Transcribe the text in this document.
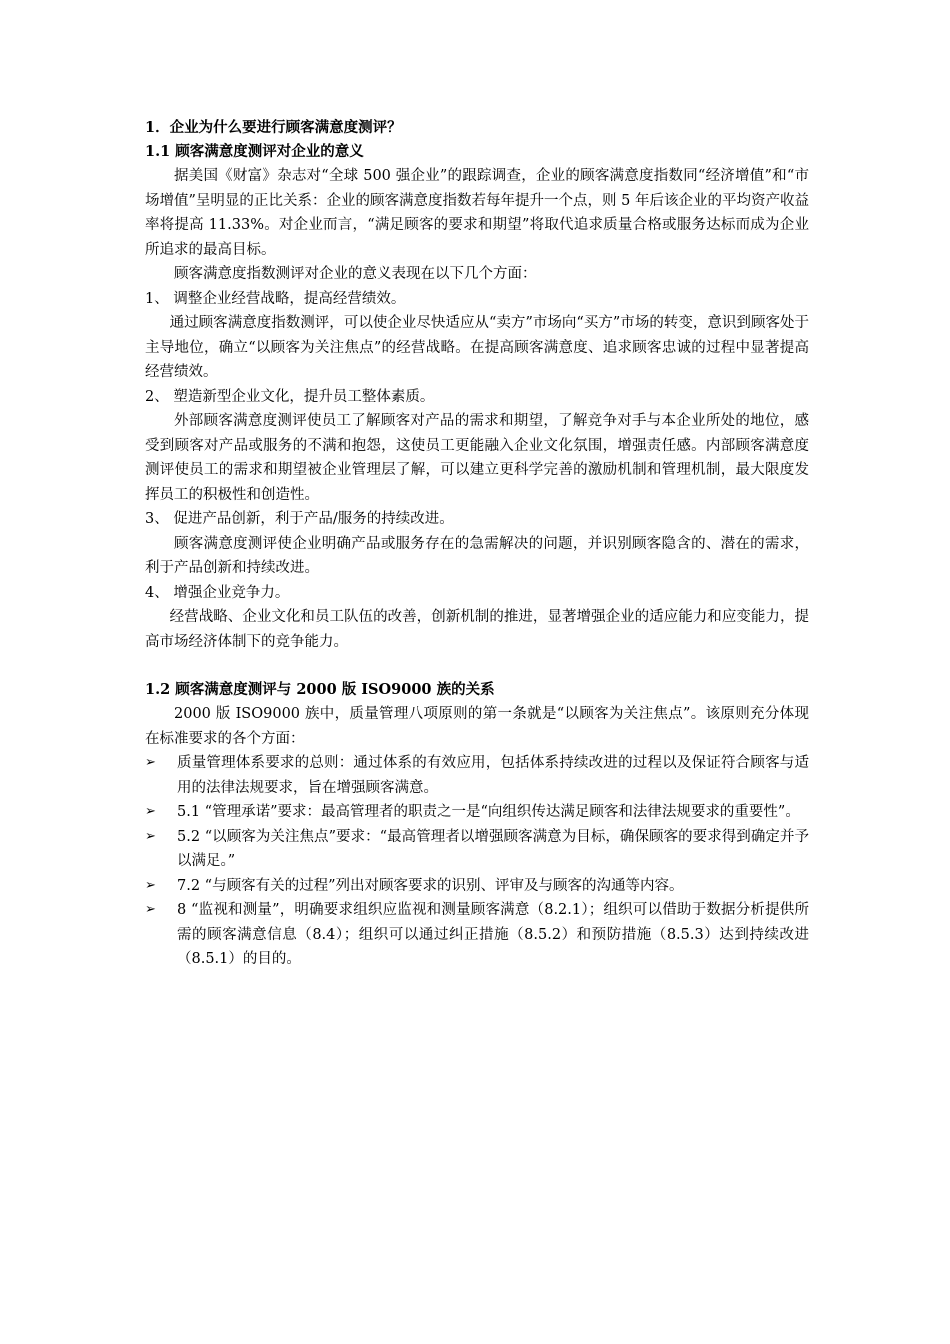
1．企业为什么要进行顾客满意度测评？
1.1 顾客满意度测评对企业的意义

据美国《财富》杂志对“全球 500 强企业”的跟踪调查，企业的顾客满意度指数同“经济增值”和“市场增值”呈明显的正比关系：企业的顾客满意度指数若每年提升一个点，则 5 年后该企业的平均资产收益率将提高 11.33%。对企业而言，“满足顾客的要求和期望”将取代追求质量合格或服务达标而成为企业所追求的最高目标。

顾客满意度指数测评对企业的意义表现在以下几个方面：

1、 调整企业经营战略，提高经营绩效。

通过顾客满意度指数测评，可以使企业尽快适应从“卖方”市场向“买方”市场的转变，意识到顾客处于主导地位，确立“以顾客为关注焦点”的经营战略。在提高顾客满意度、追求顾客忠诚的过程中显著提高经营绩效。

2、 塑造新型企业文化，提升员工整体素质。

外部顾客满意度测评使员工了解顾客对产品的需求和期望，了解竞争对手与本企业所处的地位，感受到顾客对产品或服务的不满和抱怨，这使员工更能融入企业文化氛围，增强责任感。内部顾客满意度测评使员工的需求和期望被企业管理层了解，可以建立更科学完善的激励机制和管理机制，最大限度发挥员工的积极性和创造性。

3、 促进产品创新，利于产品/服务的持续改进。

顾客满意度测评使企业明确产品或服务存在的急需解决的问题，并识别顾客隐含的、潜在的需求，利于产品创新和持续改进。

4、 增强企业竞争力。

经营战略、企业文化和员工队伍的改善，创新机制的推进，显著增强企业的适应能力和应变能力，提高市场经济体制下的竞争能力。

1.2 顾客满意度测评与 2000 版 ISO9000 族的关系

2000 版 ISO9000 族中，质量管理八项原则的第一条就是“以顾客为关注焦点”。该原则充分体现在标准要求的各个方面：

➢ 质量管理体系要求的总则：通过体系的有效应用，包括体系持续改进的过程以及保证符合顾客与适用的法律法规要求，旨在增强顾客满意。
➢ 5.1 “管理承诺”要求：最高管理者的职责之一是“向组织传达满足顾客和法律法规要求的重要性”。
➢ 5.2 “以顾客为关注焦点”要求：“最高管理者以增强顾客满意为目标，确保顾客的要求得到确定并予以满足。”
➢ 7.2 “与顾客有关的过程”列出对顾客要求的识别、评审及与顾客的沟通等内容。
➢ 8 “监视和测量”，明确要求组织应监视和测量顾客满意（8.2.1）；组织可以借助于数据分析提供所需的顾客满意信息（8.4）；组织可以通过纠正措施（8.5.2）和预防措施（8.5.3）达到持续改进（8.5.1）的目的。
